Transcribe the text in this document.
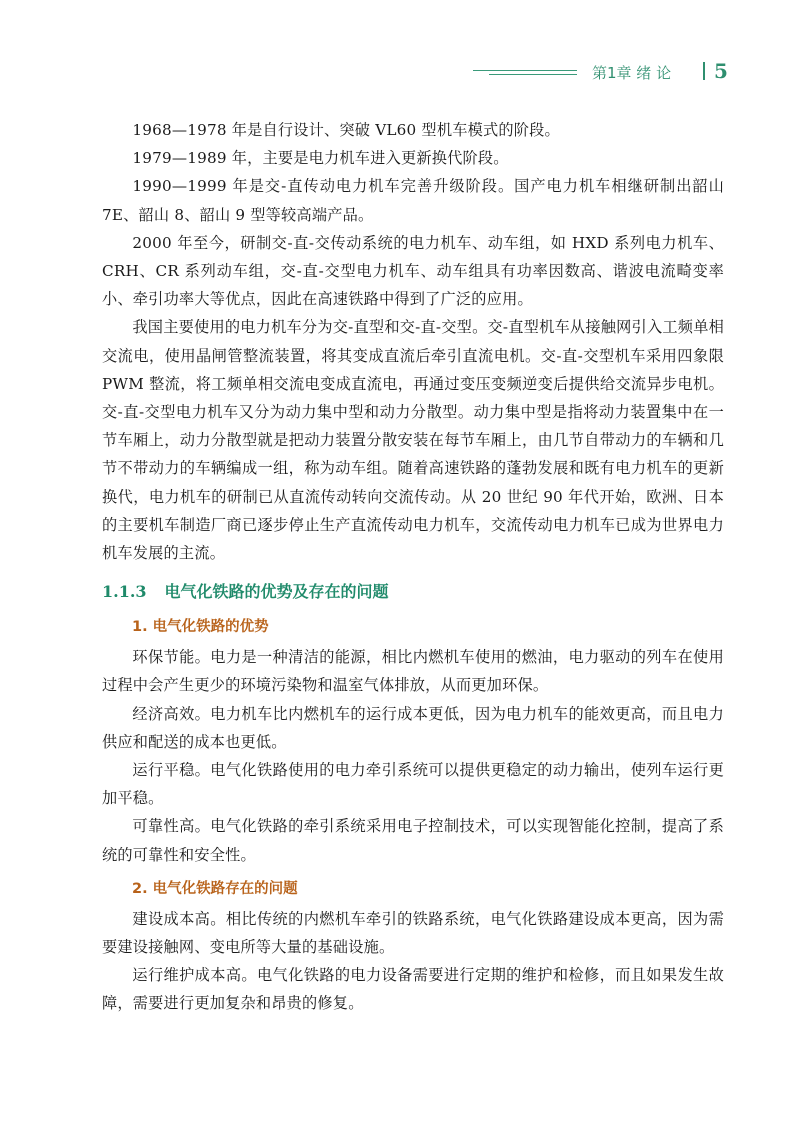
第1章 绪 论 5

1968—1978 年是自行设计、突破 VL60 型机车模式的阶段。

1979—1989 年，主要是电力机车进入更新换代阶段。

1990—1999 年是交-直传动电力机车完善升级阶段。国产电力机车相继研制出韶山7E、韶山 8、韶山 9 型等较高端产品。

2000 年至今，研制交-直-交传动系统的电力机车、动车组，如 HXD 系列电力机车、CRH、CR 系列动车组，交-直-交型电力机车、动车组具有功率因数高、谐波电流畸变率小、牵引功率大等优点，因此在高速铁路中得到了广泛的应用。

我国主要使用的电力机车分为交-直型和交-直-交型。交-直型机车从接触网引入工频单相交流电，使用晶闸管整流装置，将其变成直流后牵引直流电机。交-直-交型机车采用四象限 PWM 整流，将工频单相交流电变成直流电，再通过变压变频逆变后提供给交流异步电机。交-直-交型电力机车又分为动力集中型和动力分散型。动力集中型是指将动力装置集中在一节车厢上，动力分散型就是把动力装置分散安装在每节车厢上，由几节自带动力的车辆和几节不带动力的车辆编成一组，称为动车组。随着高速铁路的蓬勃发展和既有电力机车的更新换代，电力机车的研制已从直流传动转向交流传动。从 20 世纪 90 年代开始，欧洲、日本的主要机车制造厂商已逐步停止生产直流传动电力机车，交流传动电力机车已成为世界电力机车发展的主流。

1.1.3 电气化铁路的优势及存在的问题
1. 电气化铁路的优势

环保节能。电力是一种清洁的能源，相比内燃机车使用的燃油，电力驱动的列车在使用过程中会产生更少的环境污染物和温室气体排放，从而更加环保。

经济高效。电力机车比内燃机车的运行成本更低，因为电力机车的能效更高，而且电力供应和配送的成本也更低。

运行平稳。电气化铁路使用的电力牵引系统可以提供更稳定的动力输出，使列车运行更加平稳。

可靠性高。电气化铁路的牵引系统采用电子控制技术，可以实现智能化控制，提高了系统的可靠性和安全性。

2. 电气化铁路存在的问题

建设成本高。相比传统的内燃机车牵引的铁路系统，电气化铁路建设成本更高，因为需要建设接触网、变电所等大量的基础设施。

运行维护成本高。电气化铁路的电力设备需要进行定期的维护和检修，而且如果发生故障，需要进行更加复杂和昂贵的修复。
